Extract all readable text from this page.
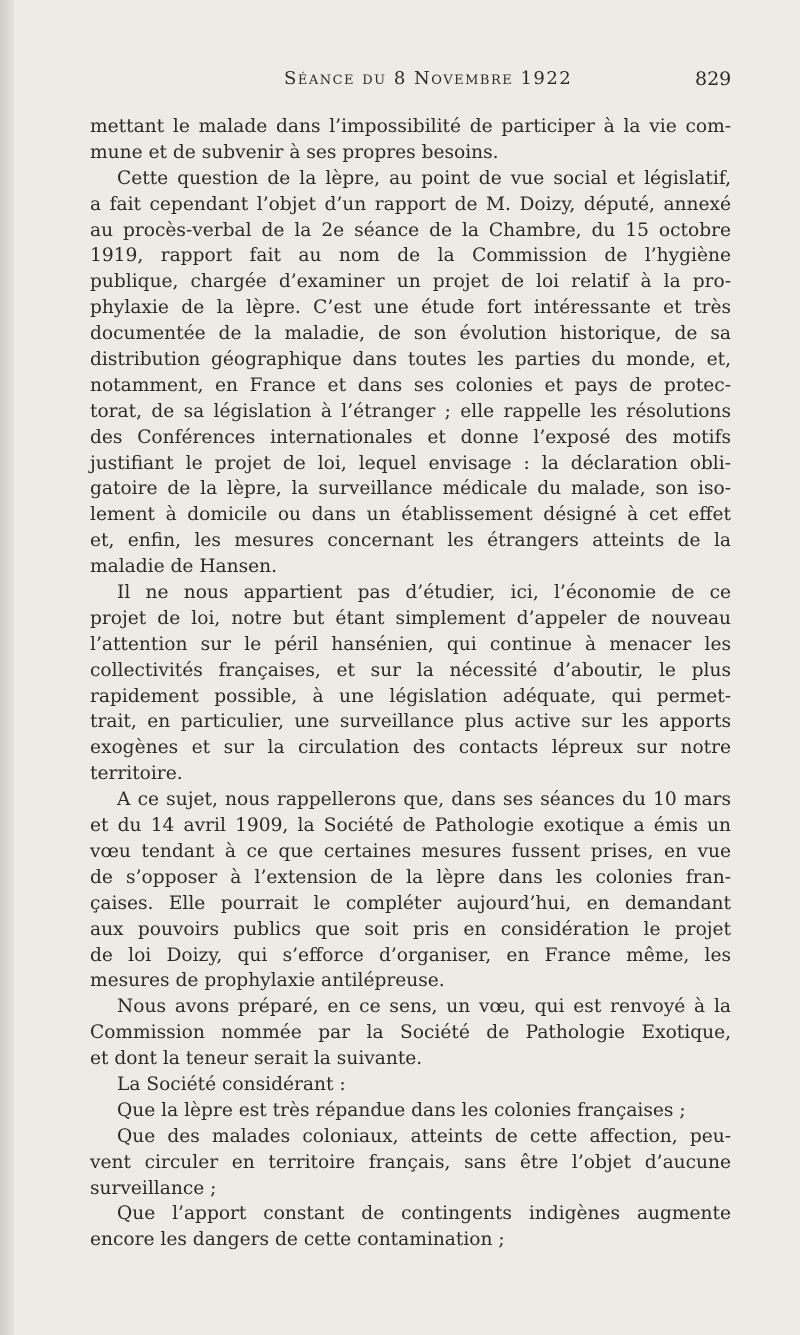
Séance du 8 Novembre 1922	829
mettant le malade dans l’impossibilité de participer à la vie com-
mune et de subvenir à ses propres besoins.
Cette question de la lèpre, au point de vue social et législatif,
a fait cependant l’objet d’un rapport de M. Doizy, député, annexé
au procès-verbal de la 2e séance de la Chambre, du 15 octobre
1919, rapport fait au nom de la Commission de l’hygiène
publique, chargée d’examiner un projet de loi relatif à la pro-
phylaxie de la lèpre. C’est une étude fort intéressante et très
documentée de la maladie, de son évolution historique, de sa
distribution géographique dans toutes les parties du monde, et,
notamment, en France et dans ses colonies et pays de protec-
torat, de sa législation à l’étranger ; elle rappelle les résolutions
des Conférences internationales et donne l’exposé des motifs
justifiant le projet de loi, lequel envisage : la déclaration obli-
gatoire de la lèpre, la surveillance médicale du malade, son iso-
lement à domicile ou dans un établissement désigné à cet effet
et, enfin, les mesures concernant les étrangers atteints de la
maladie de Hansen.
Il ne nous appartient pas d’étudier, ici, l’économie de ce
projet de loi, notre but étant simplement d’appeler de nouveau
l’attention sur le péril hansénien, qui continue à menacer les
collectivités françaises, et sur la nécessité d’aboutir, le plus
rapidement possible, à une législation adéquate, qui permet-
trait, en particulier, une surveillance plus active sur les apports
exogènes et sur la circulation des contacts lépreux sur notre
territoire.
A ce sujet, nous rappellerons que, dans ses séances du 10 mars
et du 14 avril 1909, la Société de Pathologie exotique a émis un
vœu tendant à ce que certaines mesures fussent prises, en vue
de s’opposer à l’extension de la lèpre dans les colonies fran-
çaises. Elle pourrait le compléter aujourd’hui, en demandant
aux pouvoirs publics que soit pris en considération le projet
de loi Doizy, qui s’efforce d’organiser, en France même, les
mesures de prophylaxie antilépreuse.
Nous avons préparé, en ce sens, un vœu, qui est renvoyé à la
Commission nommée par la Société de Pathologie Exotique,
et dont la teneur serait la suivante.
La Société considérant :
Que la lèpre est très répandue dans les colonies françaises ;
Que des malades coloniaux, atteints de cette affection, peu-
vent circuler en territoire français, sans être l’objet d’aucune
surveillance ;
Que l’apport constant de contingents indigènes augmente
encore les dangers de cette contamination ;
